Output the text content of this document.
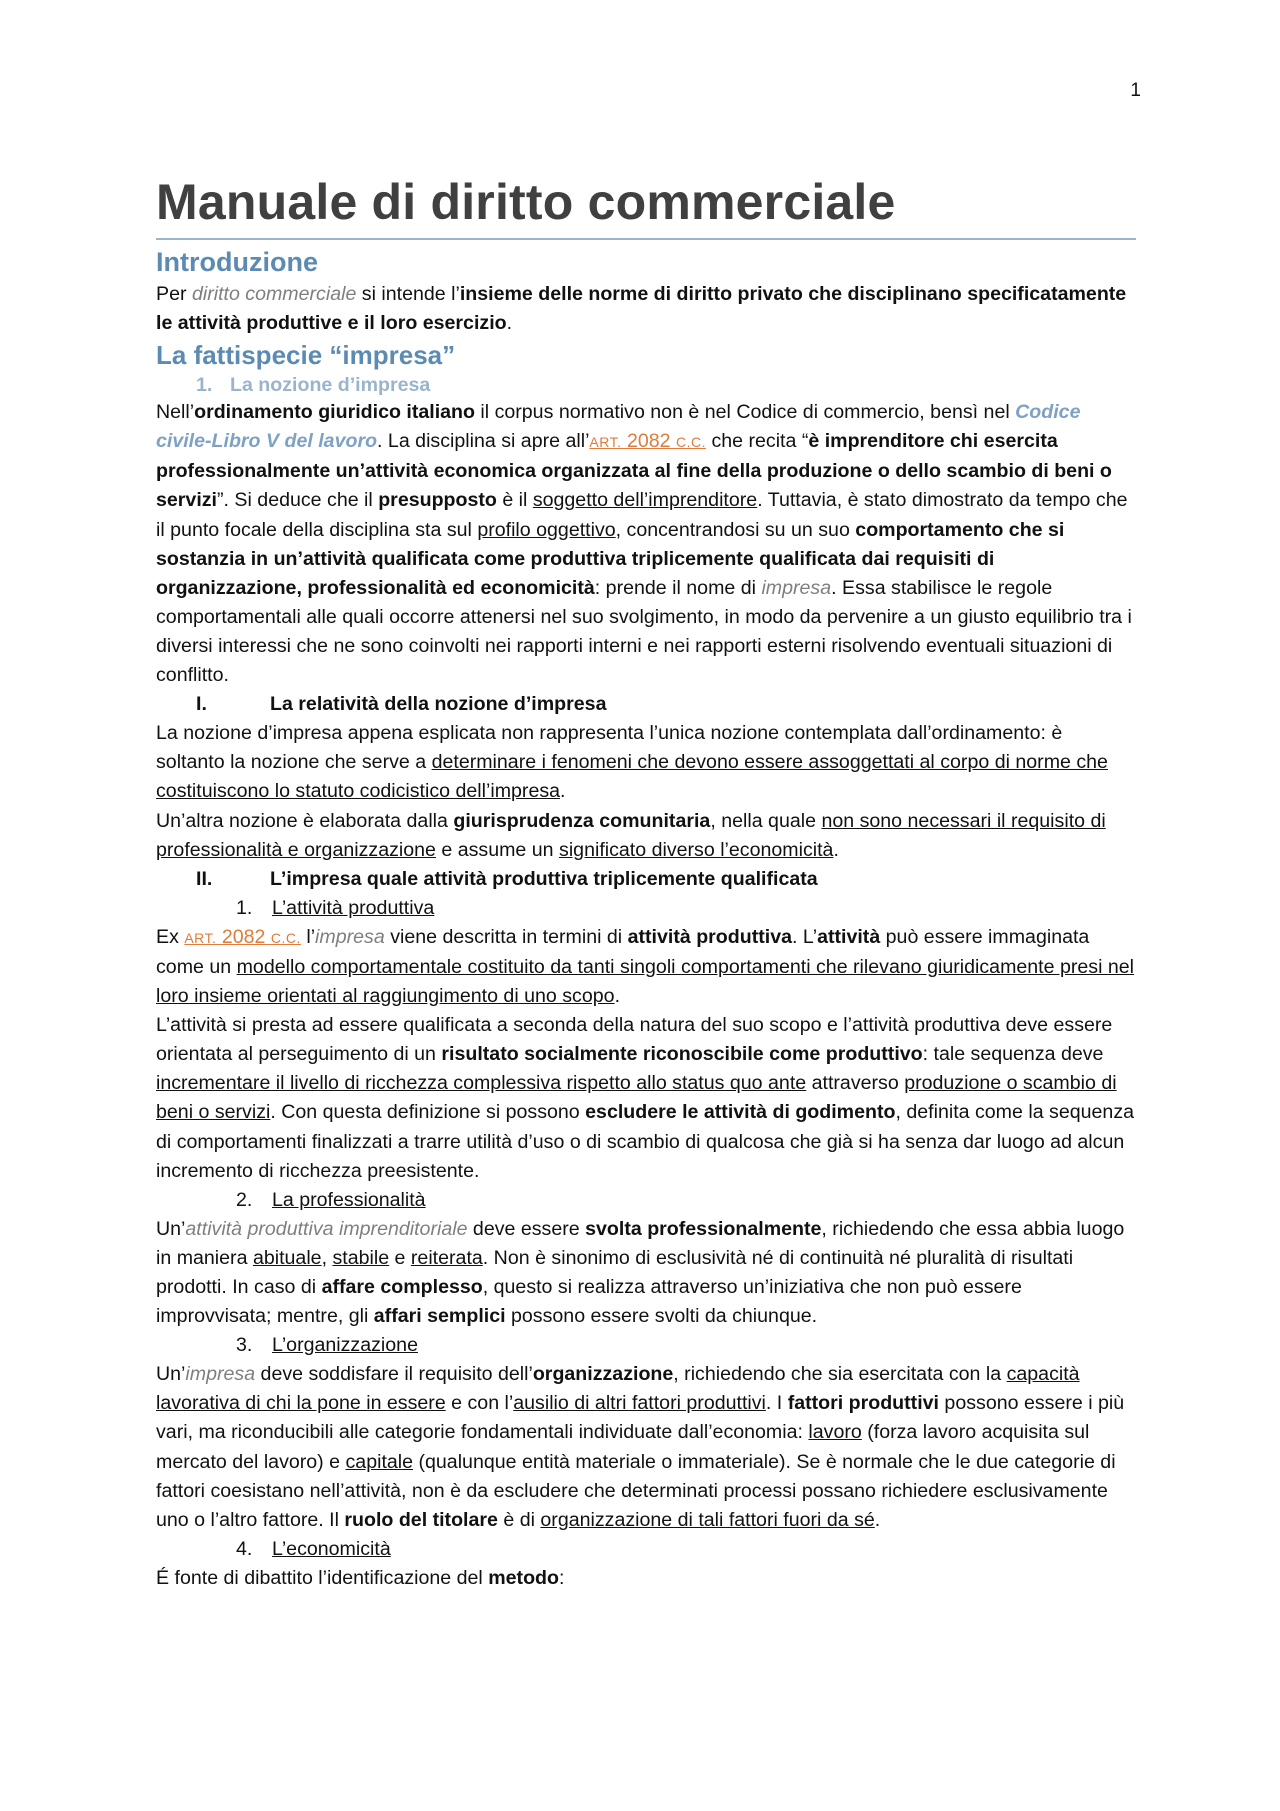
1
Manuale di diritto commerciale
Introduzione

Per diritto commerciale si intende l’insieme delle norme di diritto privato che disciplinano specificatamente le attività produttive e il loro esercizio.

La fattispecie “impresa”
1. La nozione d’impresa

Nell’ordinamento giuridico italiano il corpus normativo non è nel Codice di commercio, bensì nel Codice civile-Libro V del lavoro. La disciplina si apre all’ART. 2082 C.C. che recita “è imprenditore chi esercita professionalmente un’attività economica organizzata al fine della produzione o dello scambio di beni o servizi”. Si deduce che il presupposto è il soggetto dell’imprenditore. Tuttavia, è stato dimostrato da tempo che il punto focale della disciplina sta sul profilo oggettivo, concentrandosi su un suo comportamento che si sostanzia in un’attività qualificata come produttiva triplicemente qualificata dai requisiti di organizzazione, professionalità ed economicità: prende il nome di impresa. Essa stabilisce le regole comportamentali alle quali occorre attenersi nel suo svolgimento, in modo da pervenire a un giusto equilibrio tra i diversi interessi che ne sono coinvolti nei rapporti interni e nei rapporti esterni risolvendo eventuali situazioni di conflitto.

I.	La relatività della nozione d’impresa

La nozione d’impresa appena esplicata non rappresenta l’unica nozione contemplata dall’ordinamento: è soltanto la nozione che serve a determinare i fenomeni che devono essere assoggettati al corpo di norme che costituiscono lo statuto codicistico dell’impresa.

Un’altra nozione è elaborata dalla giurisprudenza comunitaria, nella quale non sono necessari il requisito di professionalità e organizzazione e assume un significato diverso l’economicità.

II.	L’impresa quale attività produttiva triplicemente qualificata
1. L’attività produttiva

Ex ART. 2082 C.C. l’impresa viene descritta in termini di attività produttiva. L’attività può essere immaginata come un modello comportamentale costituito da tanti singoli comportamenti che rilevano giuridicamente presi nel loro insieme orientati al raggiungimento di uno scopo.

L’attività si presta ad essere qualificata a seconda della natura del suo scopo e l’attività produttiva deve essere orientata al perseguimento di un risultato socialmente riconoscibile come produttivo: tale sequenza deve incrementare il livello di ricchezza complessiva rispetto allo status quo ante attraverso produzione o scambio di beni o servizi. Con questa definizione si possono escludere le attività di godimento, definita come la sequenza di comportamenti finalizzati a trarre utilità d’uso o di scambio di qualcosa che già si ha senza dar luogo ad alcun incremento di ricchezza preesistente.

2. La professionalità

Un’attività produttiva imprenditoriale deve essere svolta professionalmente, richiedendo che essa abbia luogo in maniera abituale, stabile e reiterata. Non è sinonimo di esclusività né di continuità né pluralità di risultati prodotti. In caso di affare complesso, questo si realizza attraverso un’iniziativa che non può essere improvvisata; mentre, gli affari semplici possono essere svolti da chiunque.

3. L’organizzazione

Un’impresa deve soddisfare il requisito dell’organizzazione, richiedendo che sia esercitata con la capacità lavorativa di chi la pone in essere e con l’ausilio di altri fattori produttivi. I fattori produttivi possono essere i più vari, ma riconducibili alle categorie fondamentali individuate dall’economia: lavoro (forza lavoro acquisita sul mercato del lavoro) e capitale (qualunque entità materiale o immateriale). Se è normale che le due categorie di fattori coesistano nell’attività, non è da escludere che determinati processi possano richiedere esclusivamente uno o l’altro fattore. Il ruolo del titolare è di organizzazione di tali fattori fuori da sé.

4. L’economicità

É fonte di dibattito l’identificazione del metodo:
